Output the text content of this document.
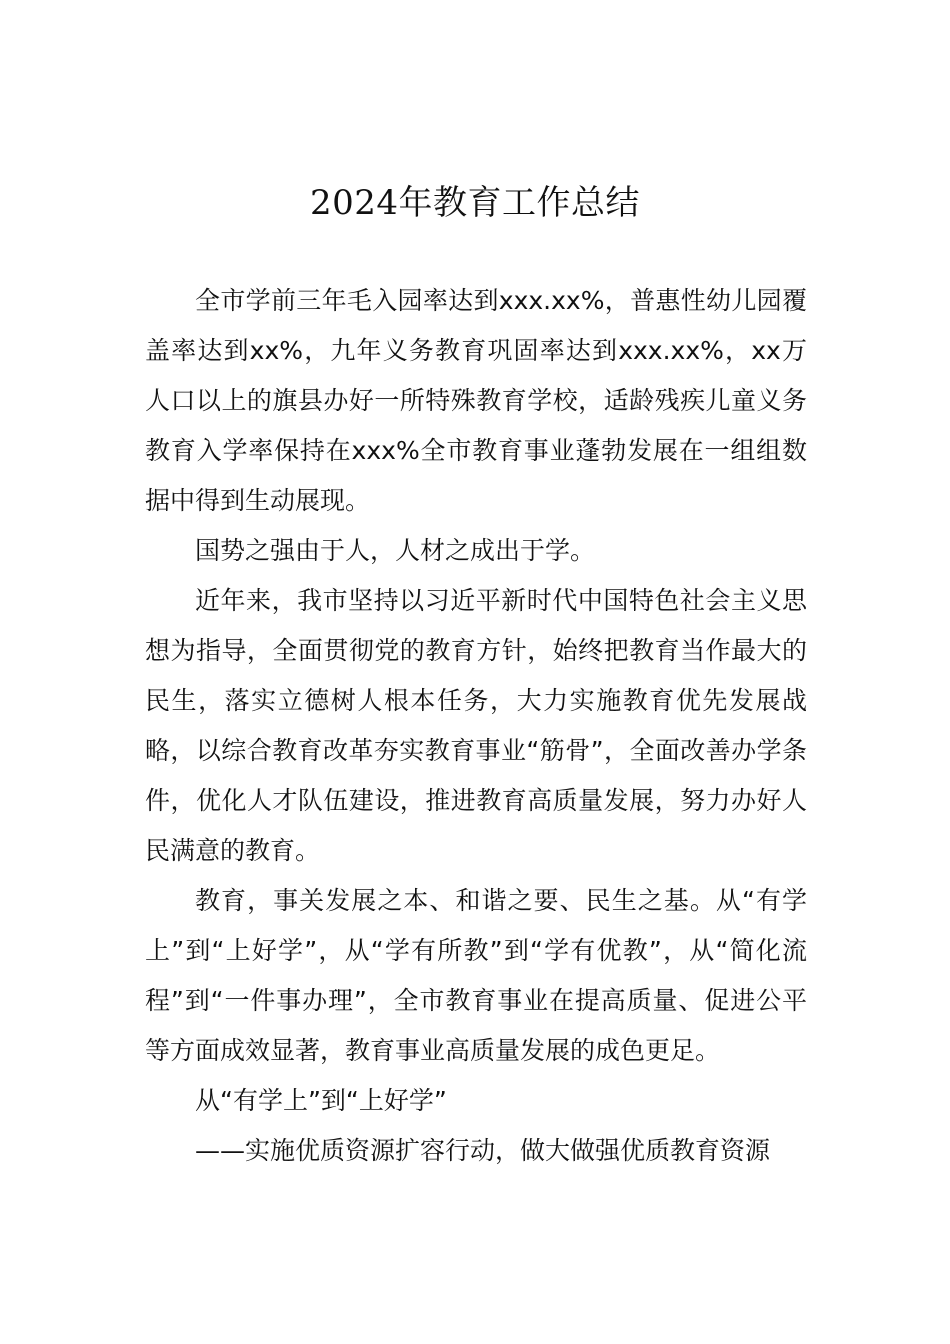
2024年教育工作总结

全市学前三年毛入园率达到xxx.xx%，普惠性幼儿园覆盖率达到xx%，九年义务教育巩固率达到xxx.xx%，xx万人口以上的旗县办好一所特殊教育学校，适龄残疾儿童义务教育入学率保持在xxx%全市教育事业蓬勃发展在一组组数据中得到生动展现。

国势之强由于人，人材之成出于学。

近年来，我市坚持以习近平新时代中国特色社会主义思想为指导，全面贯彻党的教育方针，始终把教育当作最大的民生，落实立德树人根本任务，大力实施教育优先发展战略，以综合教育改革夯实教育事业“筋骨”，全面改善办学条件，优化人才队伍建设，推进教育高质量发展，努力办好人民满意的教育。

教育，事关发展之本、和谐之要、民生之基。从“有学上”到“上好学”，从“学有所教”到“学有优教”，从“简化流程”到“一件事办理”，全市教育事业在提高质量、促进公平等方面成效显著，教育事业高质量发展的成色更足。

从“有学上”到“上好学”

——实施优质资源扩容行动，做大做强优质教育资源
